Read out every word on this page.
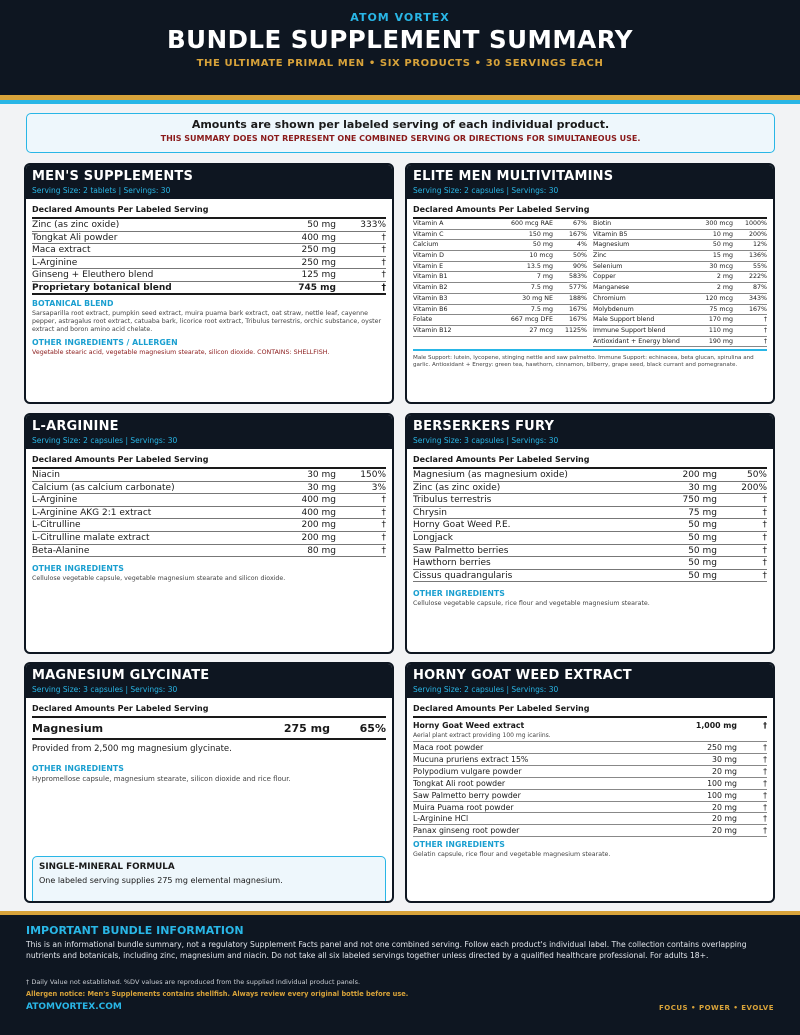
ATOM VORTEX
BUNDLE SUPPLEMENT SUMMARY
THE ULTIMATE PRIMAL MEN • SIX PRODUCTS • 30 SERVINGS EACH
Amounts are shown per labeled serving of each individual product.
THIS SUMMARY DOES NOT REPRESENT ONE COMBINED SERVING OR DIRECTIONS FOR SIMULTANEOUS USE.
MEN'S SUPPLEMENTS
Serving Size: 2 tablets | Servings: 30
Declared Amounts Per Labeled Serving
Zinc (as zinc oxide)	50 mg	333%
Tongkat Ali powder	400 mg	†
Maca extract	250 mg	†
L-Arginine	250 mg	†
Ginseng + Eleuthero blend	125 mg	†
Proprietary botanical blend	745 mg	†
BOTANICAL BLEND
Sarsaparilla root extract, pumpkin seed extract, muira puama bark extract, oat straw, nettle leaf, cayenne pepper, astragalus root extract, catuaba bark, licorice root extract, Tribulus terrestris, orchic substance, oyster extract and boron amino acid chelate.
OTHER INGREDIENTS / ALLERGEN
Vegetable stearic acid, vegetable magnesium stearate, silicon dioxide. CONTAINS: SHELLFISH.
ELITE MEN MULTIVITAMINS
Serving Size: 2 capsules | Servings: 30
Declared Amounts Per Labeled Serving
Vitamin A	600 mcg RAE	67%
Vitamin C	150 mg	167%
Calcium	50 mg	4%
Vitamin D	10 mcg	50%
Vitamin E	13.5 mg	90%
Vitamin B1	7 mg	583%
Vitamin B2	7.5 mg	577%
Vitamin B3	30 mg NE	188%
Vitamin B6	7.5 mg	167%
Folate	667 mcg DFE	167%
Vitamin B12	27 mcg	1125%
Biotin	300 mcg	1000%
Vitamin B5	10 mg	200%
Magnesium	50 mg	12%
Zinc	15 mg	136%
Selenium	30 mcg	55%
Copper	2 mg	222%
Manganese	2 mg	87%
Chromium	120 mcg	343%
Molybdenum	75 mcg	167%
Male Support blend	170 mg	†
Immune Support blend	110 mg	†
Antioxidant + Energy blend	190 mg	†
Male Support: lutein, lycopene, stinging nettle and saw palmetto. Immune Support: echinacea, beta glucan, spirulina and garlic. Antioxidant + Energy: green tea, hawthorn, cinnamon, bilberry, grape seed, black currant and pomegranate.
L-ARGININE
Serving Size: 2 capsules | Servings: 30
Declared Amounts Per Labeled Serving
Niacin	30 mg	150%
Calcium (as calcium carbonate)	30 mg	3%
L-Arginine	400 mg	†
L-Arginine AKG 2:1 extract	400 mg	†
L-Citrulline	200 mg	†
L-Citrulline malate extract	200 mg	†
Beta-Alanine	80 mg	†
OTHER INGREDIENTS
Cellulose vegetable capsule, vegetable magnesium stearate and silicon dioxide.
BERSERKERS FURY
Serving Size: 3 capsules | Servings: 30
Declared Amounts Per Labeled Serving
Magnesium (as magnesium oxide)	200 mg	50%
Zinc (as zinc oxide)	30 mg	200%
Tribulus terrestris	750 mg	†
Chrysin	75 mg	†
Horny Goat Weed P.E.	50 mg	†
Longjack	50 mg	†
Saw Palmetto berries	50 mg	†
Hawthorn berries	50 mg	†
Cissus quadrangularis	50 mg	†
OTHER INGREDIENTS
Cellulose vegetable capsule, rice flour and vegetable magnesium stearate.
MAGNESIUM GLYCINATE
Serving Size: 3 capsules | Servings: 30
Declared Amounts Per Labeled Serving
Magnesium	275 mg	65%
Provided from 2,500 mg magnesium glycinate.
OTHER INGREDIENTS
Hypromellose capsule, magnesium stearate, silicon dioxide and rice flour.
SINGLE-MINERAL FORMULA
One labeled serving supplies 275 mg elemental magnesium.
HORNY GOAT WEED EXTRACT
Serving Size: 2 capsules | Servings: 30
Declared Amounts Per Labeled Serving
Horny Goat Weed extract	1,000 mg	†
Aerial plant extract providing 100 mg icariins.
Maca root powder	250 mg	†
Mucuna pruriens extract 15%	30 mg	†
Polypodium vulgare powder	20 mg	†
Tongkat Ali root powder	100 mg	†
Saw Palmetto berry powder	100 mg	†
Muira Puama root powder	20 mg	†
L-Arginine HCl	20 mg	†
Panax ginseng root powder	20 mg	†
OTHER INGREDIENTS
Gelatin capsule, rice flour and vegetable magnesium stearate.
IMPORTANT BUNDLE INFORMATION
This is an informational bundle summary, not a regulatory Supplement Facts panel and not one combined serving. Follow each product's individual label. The collection contains overlapping nutrients and botanicals, including zinc, magnesium and niacin. Do not take all six labeled servings together unless directed by a qualified healthcare professional. For adults 18+.
† Daily Value not established. %DV values are reproduced from the supplied individual product panels.
Allergen notice: Men's Supplements contains shellfish. Always review every original bottle before use.
ATOMVORTEX.COM	FOCUS • POWER • EVOLVE
